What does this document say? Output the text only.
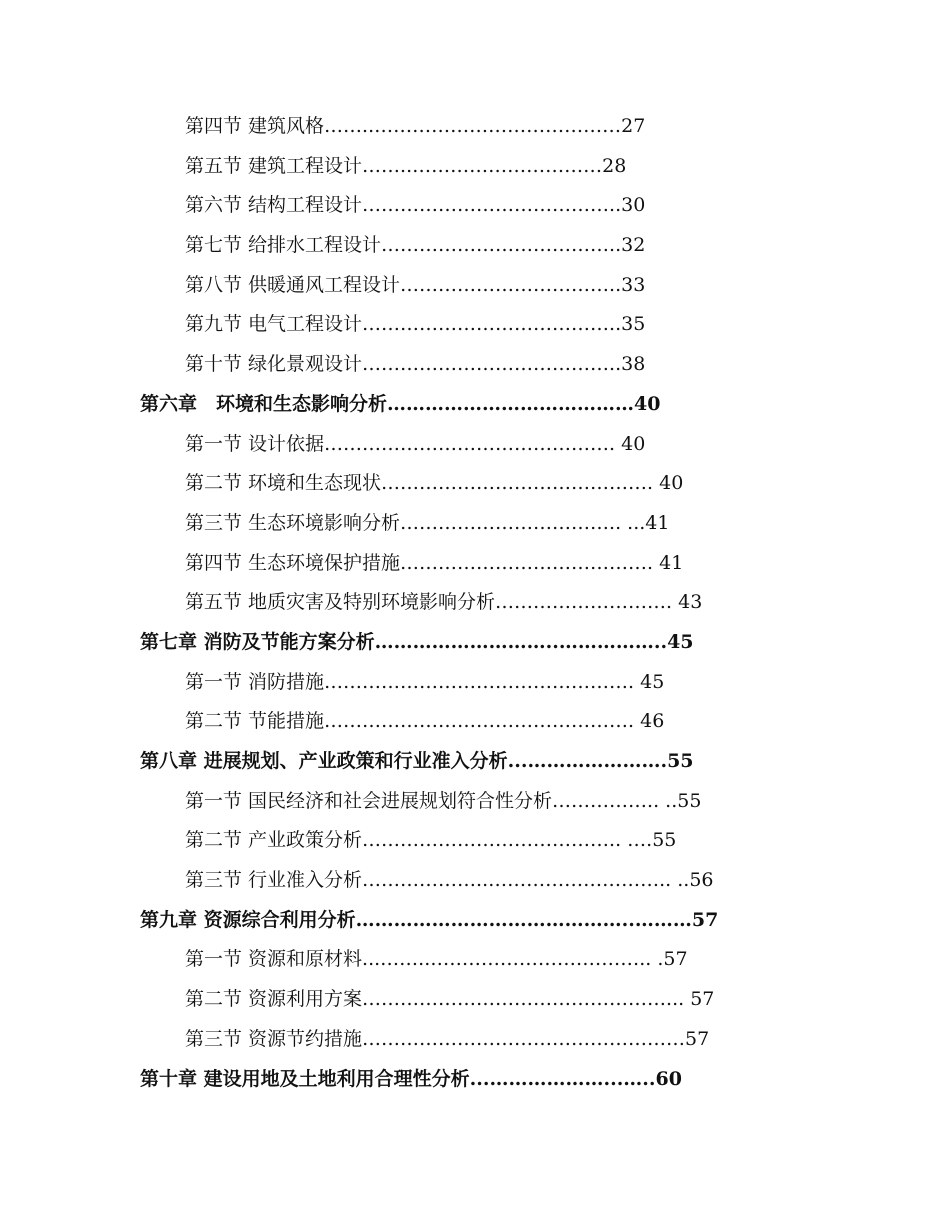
第四节 建筑风格……..…………………………………27
第五节 建筑工程设计……..…………………………28
第六节 结构工程设计…………………………………..30
第七节 给排水工程设计………………………………..32
第八节 供暖通风工程设计……………………………..33
第九节 电气工程设计…………………………………..35
第十节 绿化景观设计…………………………………..38
第六章　环境和生态影响分析…………………………………40
第一节 设计依据………………………………………. 40
第二节 环境和生态现状……………………………………. 40
第三节 生态环境影响分析…………………………….. ...41
第四节 生态环境保护措施…………………………………. 41
第五节 地质灾害及特别环境影响分析………………………. 43
第七章 消防及节能方案分析………………………..……………..45
第一节 消防措施…………………………………………. 45
第二节 节能措施…………………………………………. 46
第八章 进展规划、产业政策和行业准入分析...………………….55
第一节 国民经济和社会进展规划符合性分析…………….. ..55
第二节 产业政策分析………………………………….. ….55
第三节 行业准入分析………………..……………………….. ..56
第九章 资源综合利用分析……………………………………..………57
第一节 资源和原材料...……..…………………………….. .57
第二节 资源利用方案…………………………………………... 57
第三节 资源节约措施……………………………………………57
第十章 建设用地及土地利用合理性分析...………………...…..60
